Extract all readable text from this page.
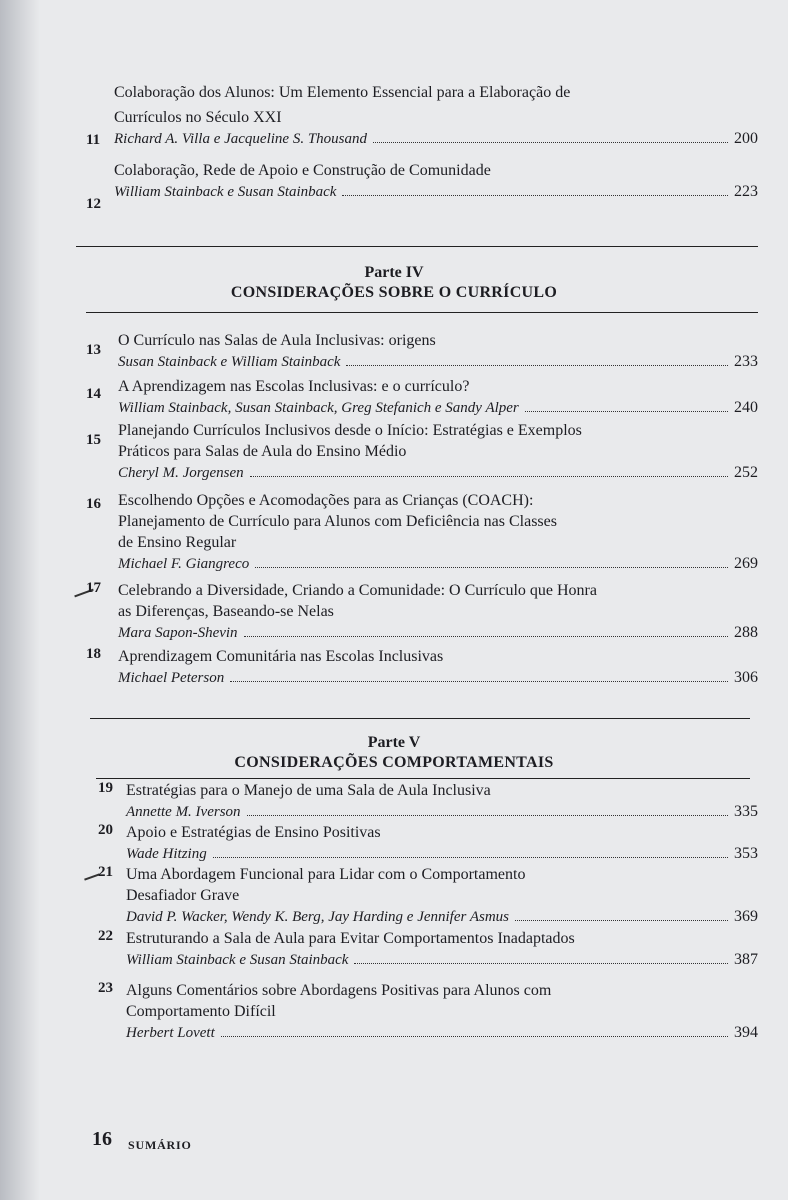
11
Colaboração dos Alunos: Um Elemento Essencial para a Elaboração de
Currículos no Século XXI
Richard A. Villa e Jacqueline S. Thousand	200
12
Colaboração, Rede de Apoio e Construção de Comunidade
William Stainback e Susan Stainback	223
Parte IV
CONSIDERAÇÕES SOBRE O CURRÍCULO
13
O Currículo nas Salas de Aula Inclusivas: origens
Susan Stainback e William Stainback	233
14	A Aprendizagem nas Escolas Inclusivas: e o currículo?
William Stainback, Susan Stainback, Greg Stefanich e Sandy Alper	240
15
Planejando Currículos Inclusivos desde o Início: Estratégias e Exemplos
Práticos para Salas de Aula do Ensino Médio
Cheryl M. Jorgensen	252
16	Escolhendo Opções e Acomodações para as Crianças (COACH):
Planejamento de Currículo para Alunos com Deficiência nas Classes
de Ensino Regular
Michael F. Giangreco	269
17	Celebrando a Diversidade, Criando a Comunidade: O Currículo que Honra
as Diferenças, Baseando-se Nelas
Mara Sapon-Shevin	288
18	Aprendizagem Comunitária nas Escolas Inclusivas
Michael Peterson	306
Parte V
CONSIDERAÇÕES COMPORTAMENTAIS
19 Estratégias para o Manejo de uma Sala de Aula Inclusiva
Annette M. Iverson	335
20 Apoio e Estratégias de Ensino Positivas
Wade Hitzing	353
21 Uma Abordagem Funcional para Lidar com o Comportamento
Desafiador Grave
David P. Wacker, Wendy K. Berg, Jay Harding e Jennifer Asmus	369
22 Estruturando a Sala de Aula para Evitar Comportamentos Inadaptados
William Stainback e Susan Stainback	387
23 Alguns Comentários sobre Abordagens Positivas para Alunos com
Comportamento Difícil
Herbert Lovett	394
16 SUMÁRIO
